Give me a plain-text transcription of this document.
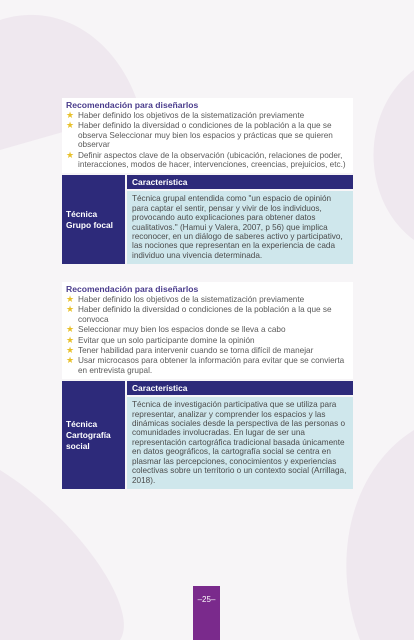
Recomendación para diseñarlos
★ Haber definido los objetivos de la sistematización previamente
★ Haber definido la diversidad o condiciones de la población a la que se observa Seleccionar muy bien los espacios y prácticas que se quieren observar
★ Definir aspectos clave de la observación (ubicación, relaciones de poder, interacciones, modos de hacer, intervenciones, creencias, prejuicios, etc.)
Técnica
Grupo focal
Característica
Técnica grupal entendida como "un espacio de opinión para captar el sentir, pensar y vivir de los individuos, provocando auto explicaciones para obtener datos cualitativos." (Hamui y Valera, 2007, p 56) que implica reconocer, en un diálogo de saberes activo y participativo, las nociones que representan en la experiencia de cada individuo una vivencia determinada.
Recomendación para diseñarlos
★ Haber definido los objetivos de la sistematización previamente
★ Haber definido la diversidad o condiciones de la población a la que se convoca
★ Seleccionar muy bien los espacios donde se lleva a cabo
★ Evitar que un solo participante domine la opinión
★ Tener habilidad para intervenir cuando se torna difícil de manejar
★ Usar microcasos para obtener la información para evitar que se convierta en entrevista grupal.
Técnica
Cartografía social
Característica
Técnica de investigación participativa que se utiliza para representar, analizar y comprender los espacios y las dinámicas sociales desde la perspectiva de las personas o comunidades involucradas. En lugar de ser una representación cartográfica tradicional basada únicamente en datos geográficos, la cartografía social se centra en plasmar las percepciones, conocimientos y experiencias colectivas sobre un territorio o un contexto social (Arrillaga, 2018).
–25–
